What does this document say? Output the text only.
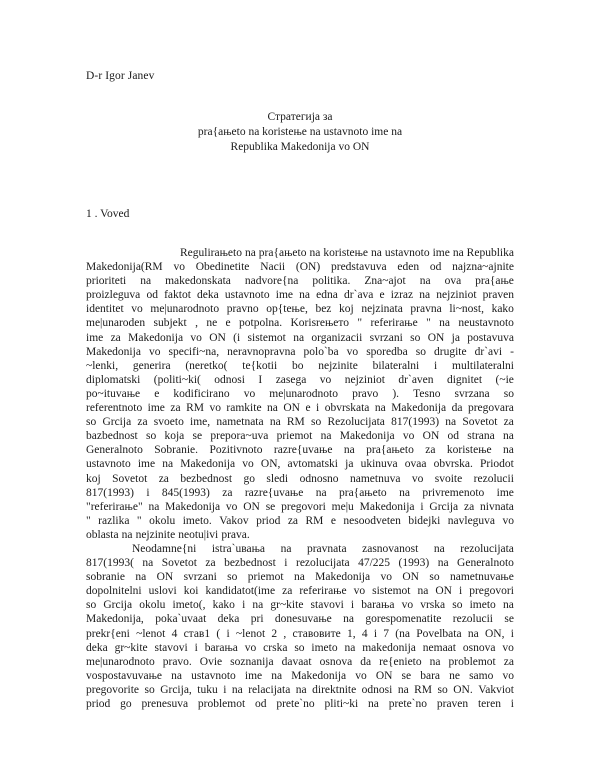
D-r Igor Janev
Стратегија за
pra{ањеto na koristeње na ustavnoto ime na
Republika Makedonija vo ON
1 . Voved
Regulirањеto na pra{ањеto na koristeње na ustavnoto ime na Republika
Makedonija(RM vo Obedinetite Nacii (ON) predstavuva eden od najzna~ajnite
prioriteti na makedonskata nadvore{na politika. Zna~ajot na ova pra{ање
proizleguva od faktot deka ustavnoto ime na edna dr`ava e izraz na nejziniot praven
identitet vo me|unarodnoto pravno op{teње, bez koj nejzinata pravna li~nost, kako
me|unaroden subjekt , ne e potpolna. Korisreњето " referiraње " na neustavnoto
ime za Makedonija vo ON (i sistemot na organizacii svrzani so ON ja postavuva
Makedonija vo specifi~na, neravnopravna polo`ba vo sporedba so drugite dr`avi -
~lenki, generira (neretko( te{kotii bo nejzinite bilateralni i multilateralni
diplomatski (politi~ki( odnosi I zasega vo nejziniot dr`aven dignitet (~ie
po~ituvaње e kodificirano vo me|unarodnoto pravo ). Tesno svrzana so
referentnoto ime za RM vo ramkite na ON e i obvrskata na Makedonija da pregovara
so Grcija za svoeto ime, nametnata na RM so Rezolucijata 817(1993) na Sovetot za
bazbednost so koja se prepora~uva priemot na Makedonija vo ON od strana na
Generalnoto Sobranie. Pozitivnoto razre{uvaње na pra{ањеto za koristeње na
ustavnoto ime na Makedonija vo ON, avtomatski ja ukinuva ovaa obvrska. Priodot
koj Sovetot za bezbednost go sledi odnosno nametnuva vo svoite rezolucii
817(1993) i 845(1993) za razre{uvaње na pra{ањеto na privremenoto ime
"referiraње" na Makedonija vo ON se pregovori me|u Makedonija i Grcija za nivnata
" razlika " okolu imeto. Vakov priod za RM e nesoodveten bidejki navleguva vo
oblasta na nejzinite neotu|ivi prava.
Neodamne{ni istra`uвања na pravnata zasnovanost na rezolucijata
817(1993( na Sovetot za bezbednost i rezolucijata 47/225 (1993) na Generalnoto
sobranie na ON svrzani so priemot na Makedonija vo ON so nametnuvaње
dopolnitelni uslovi koi kandidatot(ime za referiraње vo sistemot na ON i pregovori
so Grcija okolu imeto(, kako i na gr~kite stavovi i baraња vo vrska so imeto na
Makedonija, poka`uvaat deka pri donesuvaње na gorespomenatite rezolucii se
prekr{eni ~lenot 4 став1 ( i ~lenot 2 , ставовите 1, 4 i 7 (na Povelbata na ON, i
deka gr~kite stavovi i baraња vo crska so imeto na makedonija nemaat osnova vo
me|unarodnoto pravo. Ovie soznanija davaat osnova da re{enieto na problemot za
vospostavuvaње na ustavnoto ime na Makedonija vo ON se bara ne samo vo
pregovorite so Grcija, tuku i na relacijata na direktnite odnosi na RM so ON. Vakviot
priod go prenesuva problemot od prete`no pliti~ki na prete`no praven teren i
